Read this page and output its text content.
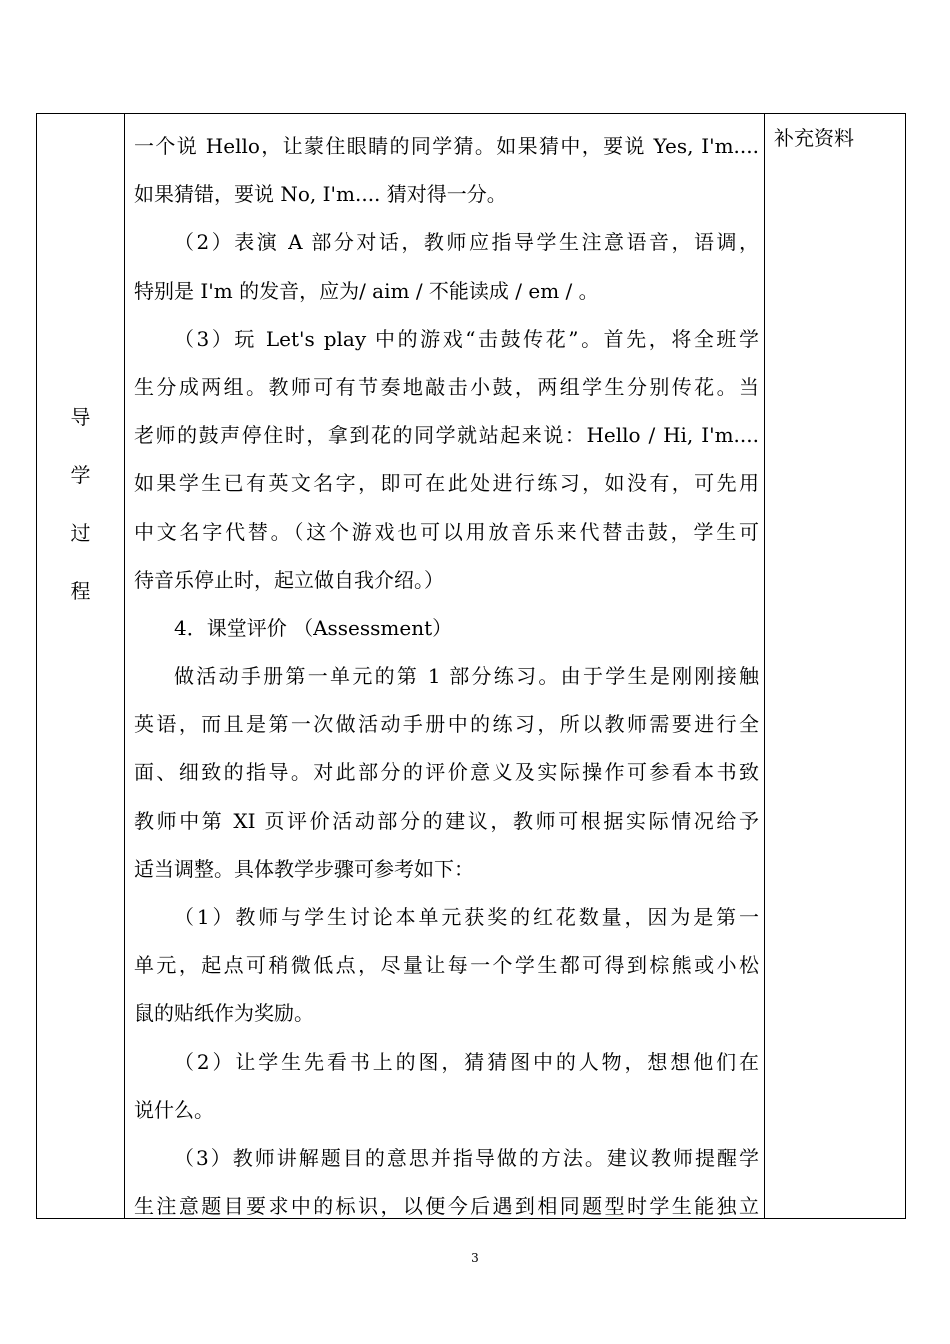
导
学
过
程
一个说 Hello，让蒙住眼睛的同学猜。如果猜中，要说 Yes, I'm....
如果猜错，要说 No, I'm.... 猜对得一分。
（2）表演 A 部分对话，教师应指导学生注意语音，语调，
特别是 I'm 的发音，应为/ aim / 不能读成 / em / 。
（3）玩 Let's play 中的游戏“击鼓传花”。首先，将全班学
生分成两组。教师可有节奏地敲击小鼓，两组学生分别传花。当
老师的鼓声停住时，拿到花的同学就站起来说：Hello / Hi, I'm....
如果学生已有英文名字，即可在此处进行练习，如没有，可先用
中文名字代替。（这个游戏也可以用放音乐来代替击鼓，学生可
待音乐停止时，起立做自我介绍。）
4．课堂评价 （Assessment）
做活动手册第一单元的第 1 部分练习。由于学生是刚刚接触
英语，而且是第一次做活动手册中的练习，所以教师需要进行全
面、细致的指导。对此部分的评价意义及实际操作可参看本书致
教师中第 XI 页评价活动部分的建议，教师可根据实际情况给予
适当调整。具体教学步骤可参考如下：
（1）教师与学生讨论本单元获奖的红花数量，因为是第一
单元，起点可稍微低点，尽量让每一个学生都可得到棕熊或小松
鼠的贴纸作为奖励。
（2）让学生先看书上的图，猜猜图中的人物，想想他们在
说什么。
（3）教师讲解题目的意思并指导做的方法。建议教师提醒学
生注意题目要求中的标识，以便今后遇到相同题型时学生能独立
补充资料
3
